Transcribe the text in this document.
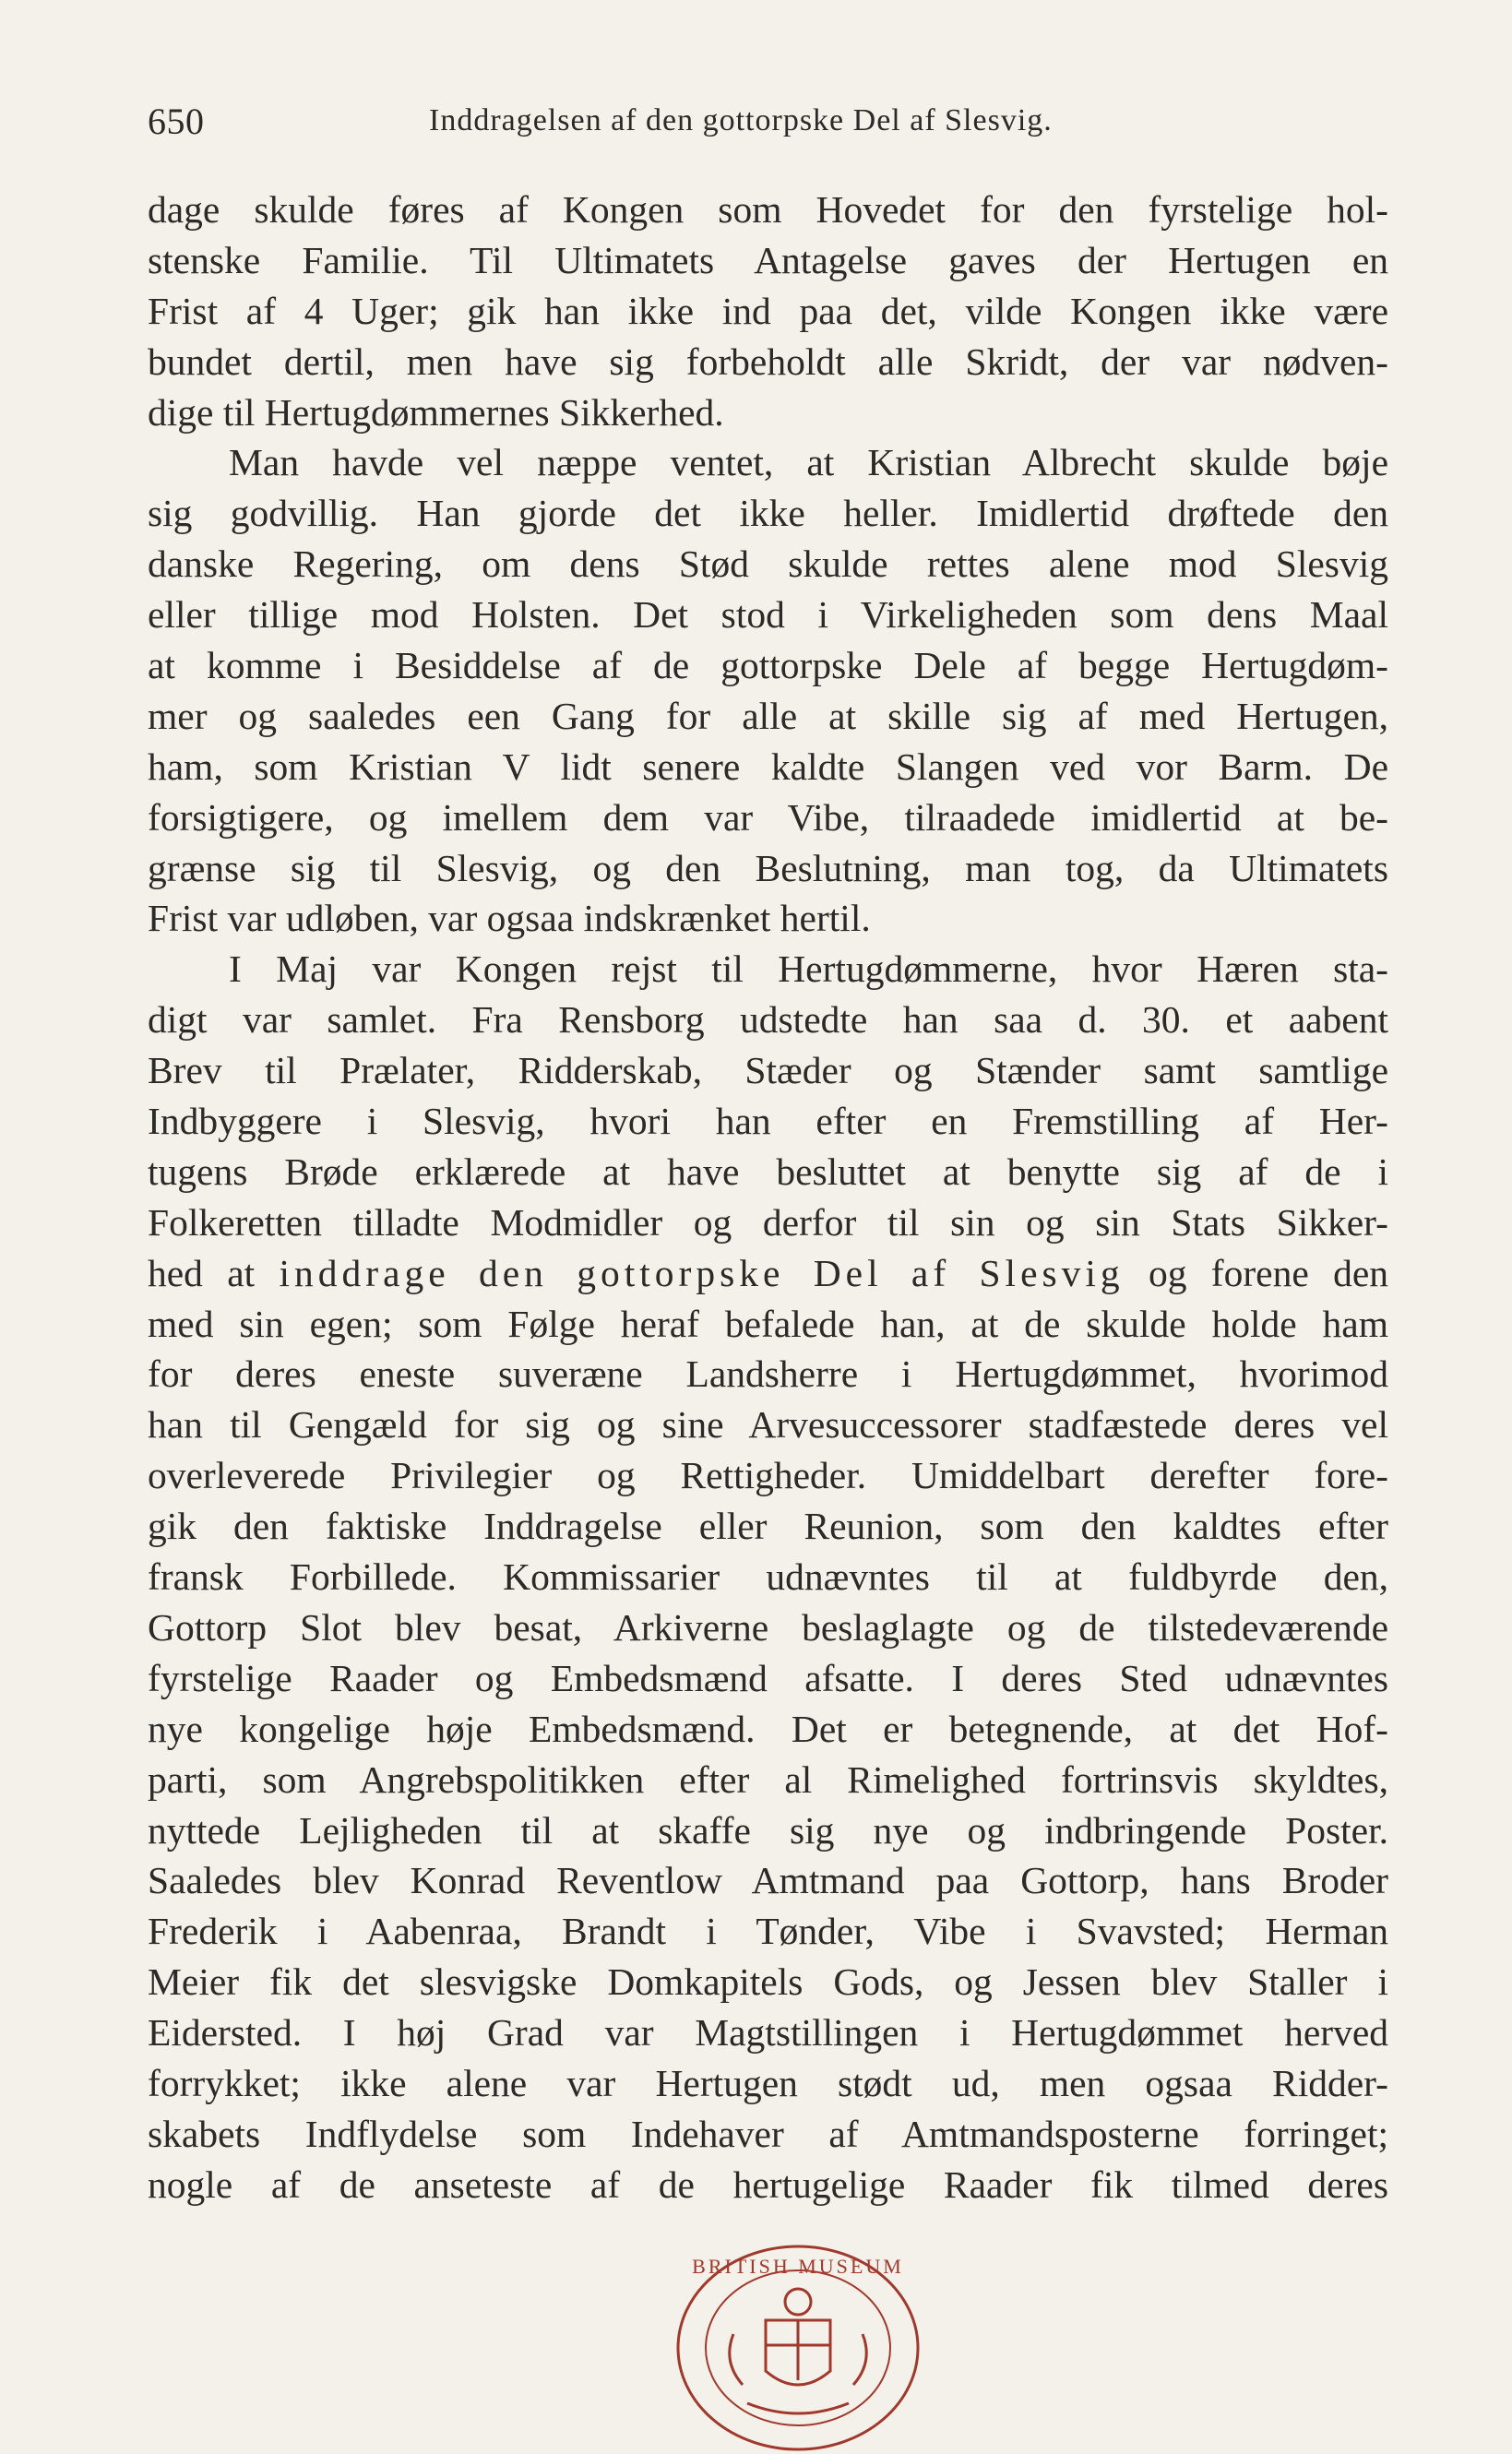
650	Inddragelsen af den gottorpske Del af Slesvig.
dage skulde føres af Kongen som Hovedet for den fyrstelige hol-
stenske Familie. Til Ultimatets Antagelse gaves der Hertugen en
Frist af 4 Uger; gik han ikke ind paa det, vilde Kongen ikke være
bundet dertil, men have sig forbeholdt alle Skridt, der var nødven-
dige til Hertugdømmernes Sikkerhed.
Man havde vel næppe ventet, at Kristian Albrecht skulde bøje
sig godvillig. Han gjorde det ikke heller. Imidlertid drøftede den
danske Regering, om dens Stød skulde rettes alene mod Slesvig
eller tillige mod Holsten. Det stod i Virkeligheden som dens Maal
at komme i Besiddelse af de gottorpske Dele af begge Hertugdøm-
mer og saaledes een Gang for alle at skille sig af med Hertugen,
ham, som Kristian V lidt senere kaldte Slangen ved vor Barm. De
forsigtigere, og imellem dem var Vibe, tilraadede imidlertid at be-
grænse sig til Slesvig, og den Beslutning, man tog, da Ultimatets
Frist var udløben, var ogsaa indskrænket hertil.
I Maj var Kongen rejst til Hertugdømmerne, hvor Hæren sta-
digt var samlet. Fra Rensborg udstedte han saa d. 30. et aabent
Brev til Prælater, Ridderskab, Stæder og Stænder samt samtlige
Indbyggere i Slesvig, hvori han efter en Fremstilling af Her-
tugens Brøde erklærede at have besluttet at benytte sig af de i
Folkeretten tilladte Modmidler og derfor til sin og sin Stats Sikker-
hed at inddrage den gottorpske Del af Slesvig og forene den
med sin egen; som Følge heraf befalede han, at de skulde holde ham
for deres eneste suveræne Landsherre i Hertugdømmet, hvorimod
han til Gengæld for sig og sine Arvesuccessorer stadfæstede deres vel
overleverede Privilegier og Rettigheder. Umiddelbart derefter fore-
gik den faktiske Inddragelse eller Reunion, som den kaldtes efter
fransk Forbillede. Kommissarier udnævntes til at fuldbyrde den,
Gottorp Slot blev besat, Arkiverne beslaglagte og de tilstedeværende
fyrstelige Raader og Embedsmænd afsatte. I deres Sted udnævntes
nye kongelige høje Embedsmænd. Det er betegnende, at det Hof-
parti, som Angrebspolitikken efter al Rimelighed fortrinsvis skyldtes,
nyttede Lejligheden til at skaffe sig nye og indbringende Poster.
Saaledes blev Konrad Reventlow Amtmand paa Gottorp, hans Broder
Frederik i Aabenraa, Brandt i Tønder, Vibe i Svavsted; Herman
Meier fik det slesvigske Domkapitels Gods, og Jessen blev Staller i
Eidersted. I høj Grad var Magtstillingen i Hertugdømmet herved
forrykket; ikke alene var Hertugen stødt ud, men ogsaa Ridder-
skabets Indflydelse som Indehaver af Amtmandsposterne forringet;
nogle af de anseteste af de hertugelige Raader fik tilmed deres
BRITISH MUSEUM
